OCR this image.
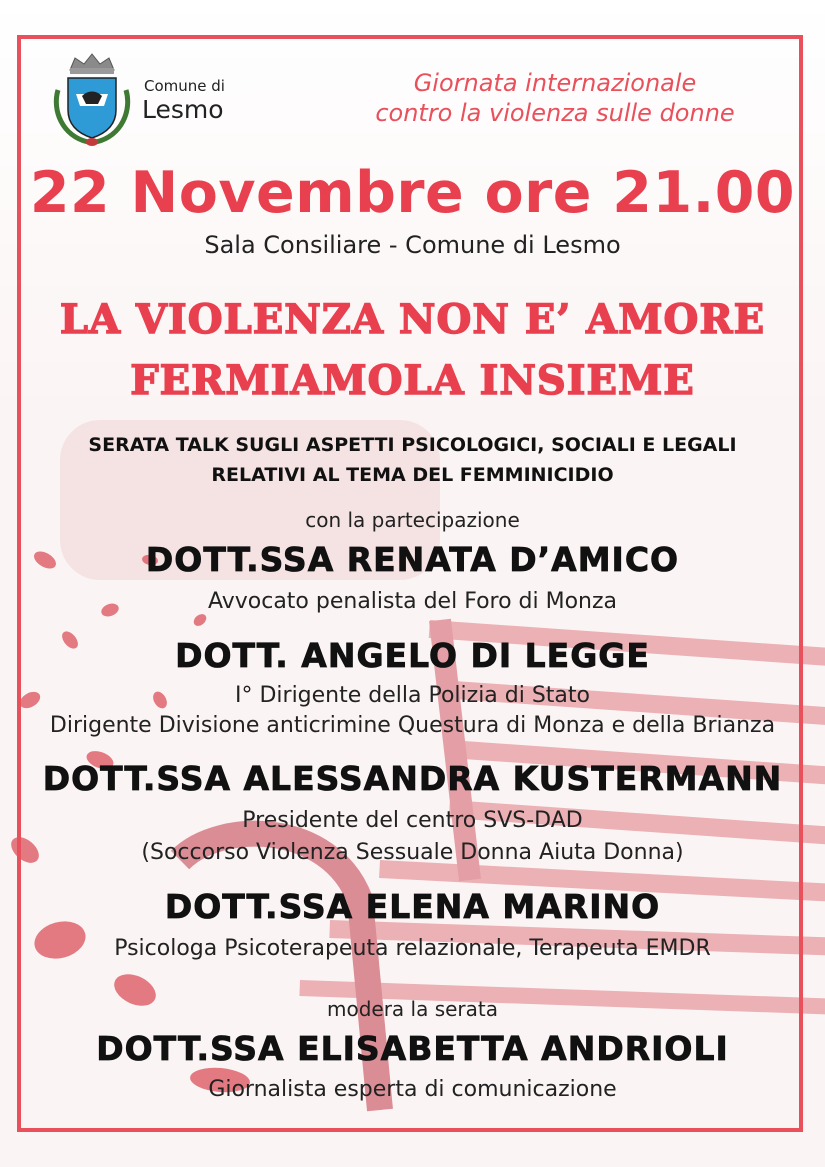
Comune di
Lesmo
Giornata internazionale
contro la violenza sulle donne
22 Novembre ore 21.00
Sala Consiliare - Comune di Lesmo
LA VIOLENZA NON E’ AMORE
FERMIAMOLA INSIEME
SERATA TALK SUGLI ASPETTI PSICOLOGICI, SOCIALI E LEGALI
RELATIVI AL TEMA DEL FEMMINICIDIO
con la partecipazione
DOTT.SSA RENATA D’AMICO
Avvocato penalista del Foro di Monza
DOTT. ANGELO DI LEGGE
I° Dirigente della Polizia di Stato
Dirigente Divisione anticrimine Questura di Monza e della Brianza
DOTT.SSA ALESSANDRA KUSTERMANN
Presidente del centro SVS-DAD
(Soccorso Violenza Sessuale Donna Aiuta Donna)
DOTT.SSA ELENA MARINO
Psicologa Psicoterapeuta relazionale, Terapeuta EMDR
modera la serata
DOTT.SSA ELISABETTA ANDRIOLI
Giornalista esperta di comunicazione
